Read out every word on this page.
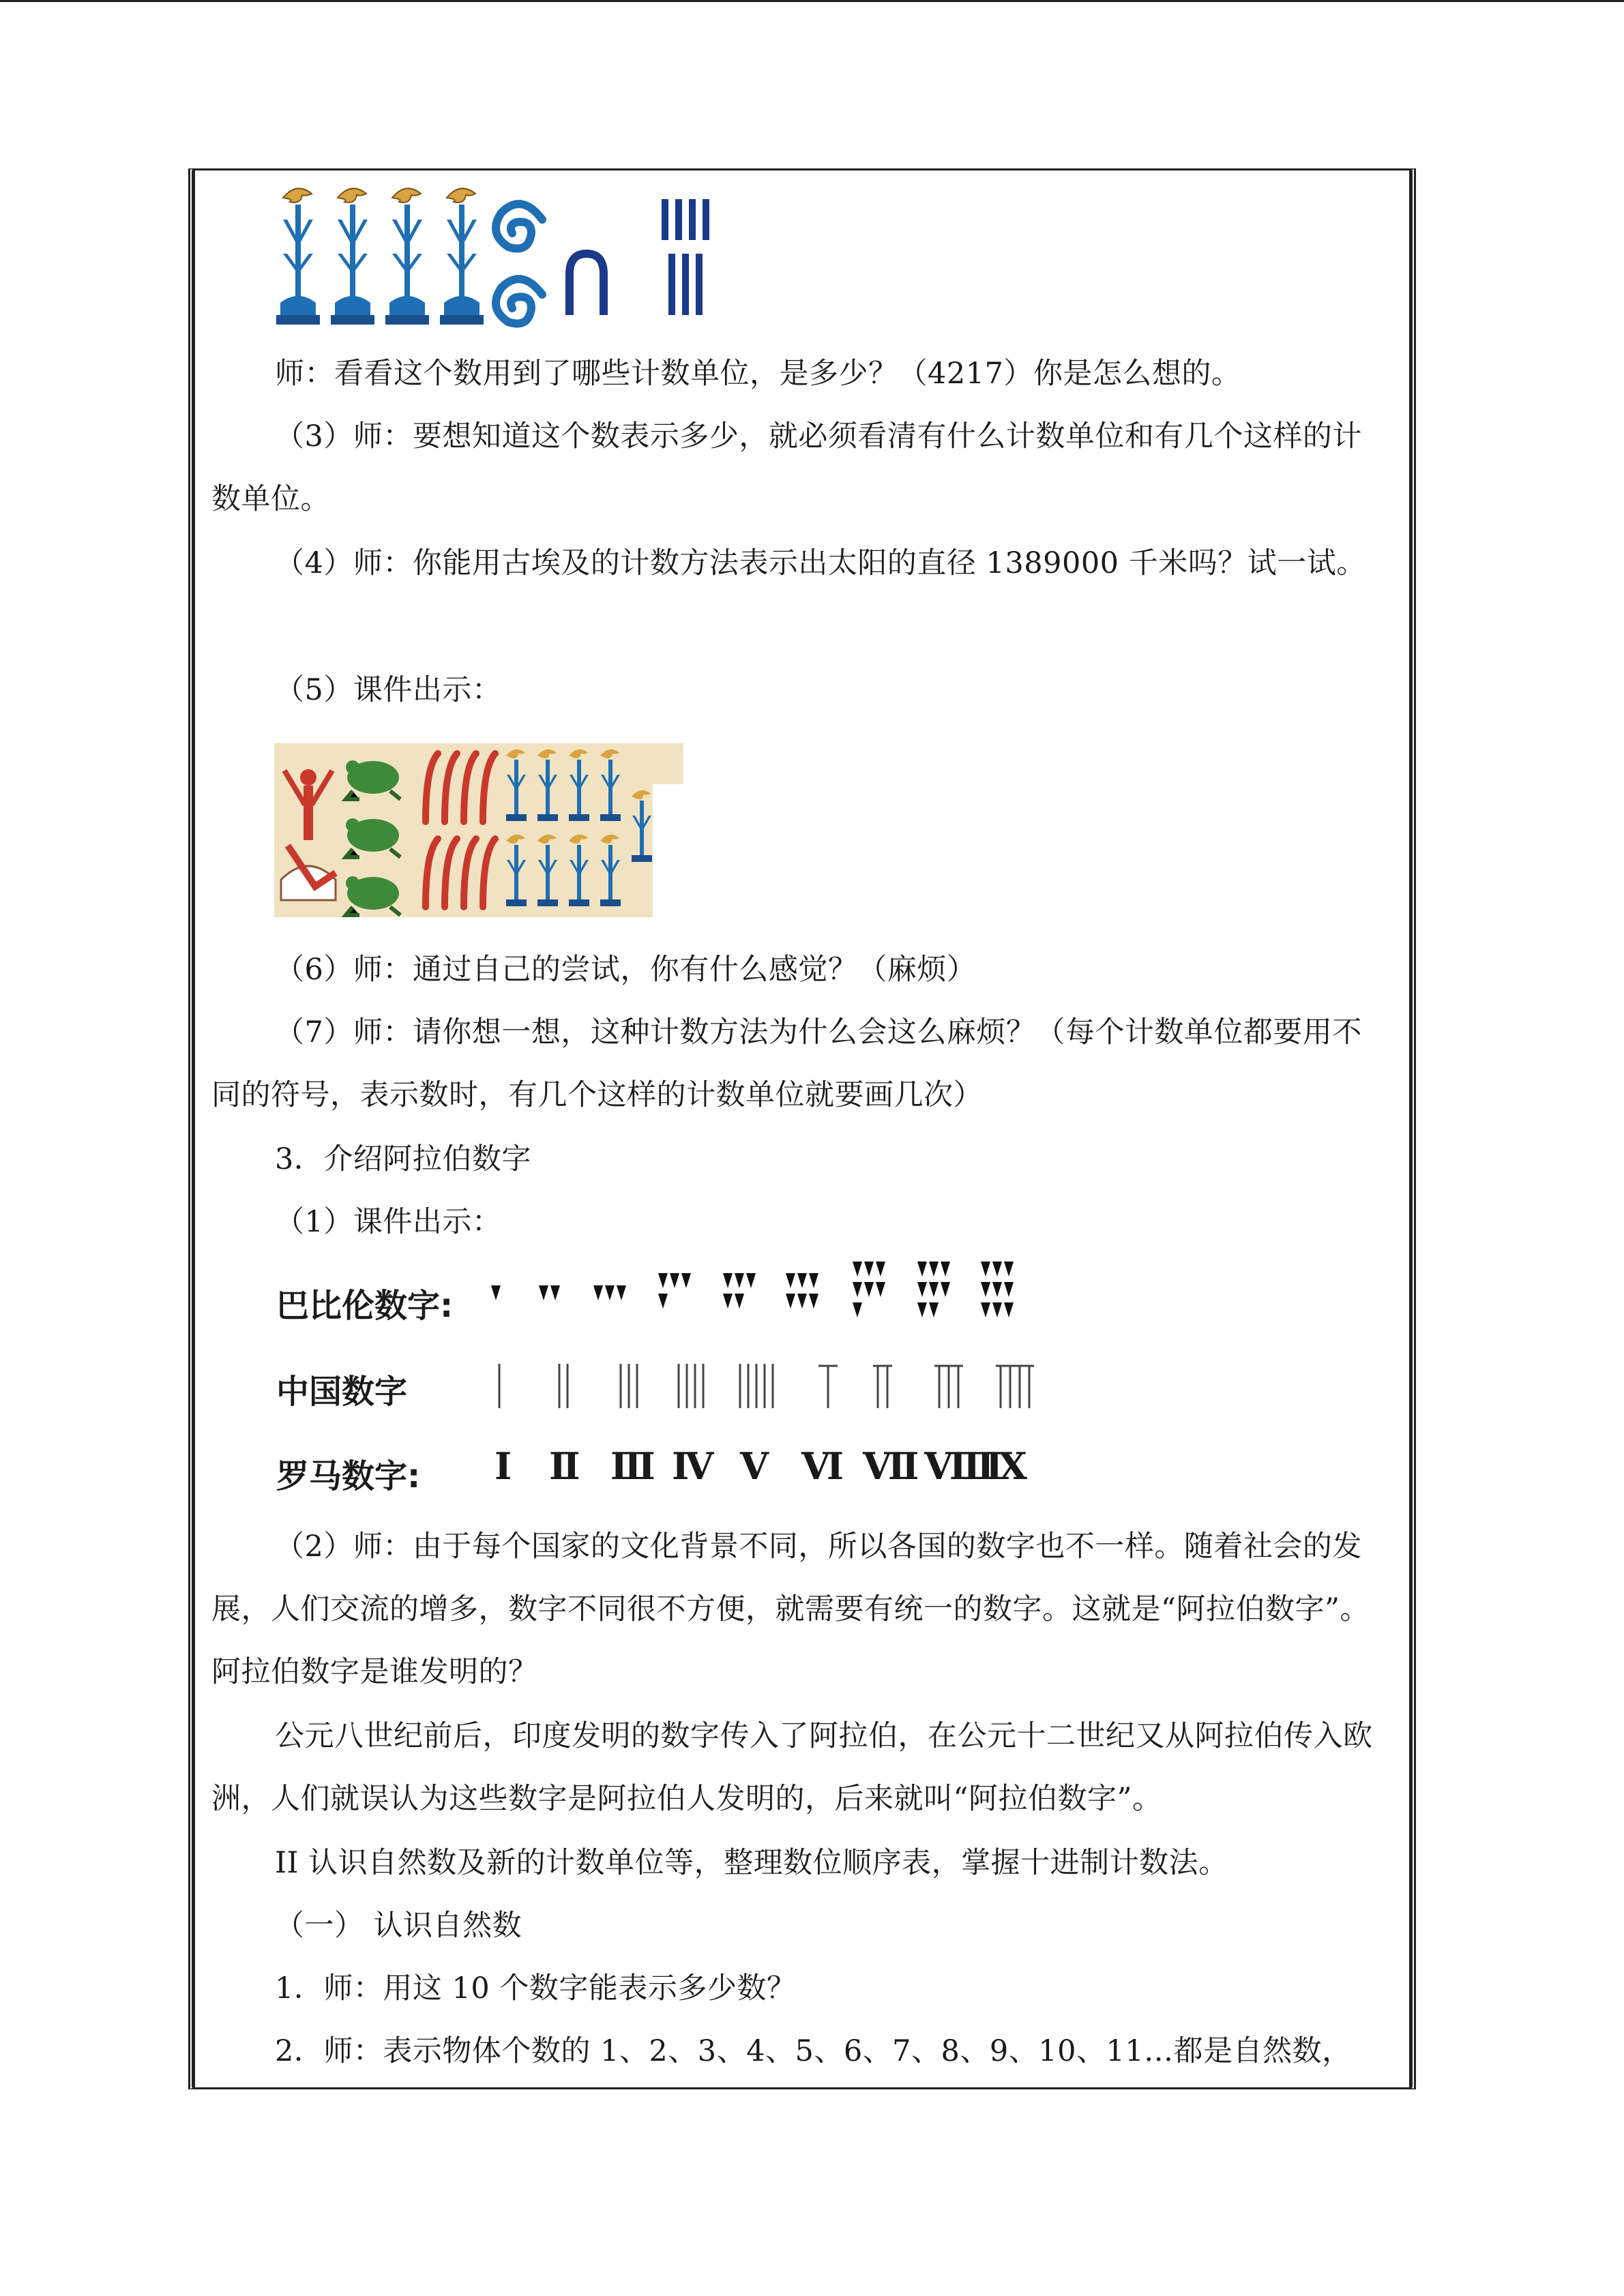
师：看看这个数用到了哪些计数单位，是多少？（4217）你是怎么想的。

（3）师：要想知道这个数表示多少，就必须看清有什么计数单位和有几个这样的计数单位。

（4）师：你能用古埃及的计数方法表示出太阳的直径 1389000 千米吗？试一试。

（5）课件出示：

（6）师：通过自己的尝试，你有什么感觉？（麻烦）

（7）师：请你想一想，这种计数方法为什么会这么麻烦？（每个计数单位都要用不同的符号，表示数时，有几个这样的计数单位就要画几次）

3．介绍阿拉伯数字

（1）课件出示：

巴比伦数字:
中国数字
罗马数字: Ⅰ Ⅱ Ⅲ Ⅳ Ⅴ Ⅵ Ⅶ Ⅷ
Ⅸ

（2）师：由于每个国家的文化背景不同，所以各国的数字也不一样。随着社会的发展，人们交流的增多，数字不同很不方便，就需要有统一的数字。这就是“阿拉伯数字”。阿拉伯数字是谁发明的？

公元八世纪前后，印度发明的数字传入了阿拉伯，在公元十二世纪又从阿拉伯传入欧洲，人们就误认为这些数字是阿拉伯人发明的，后来就叫“阿拉伯数字”。

II 认识自然数及新的计数单位等，整理数位顺序表，掌握十进制计数法。

（一） 认识自然数

1．师：用这 10 个数字能表示多少数？

2．师：表示物体个数的 1、2、3、4、5、6、7、8、9、10、11…都是自然数，
